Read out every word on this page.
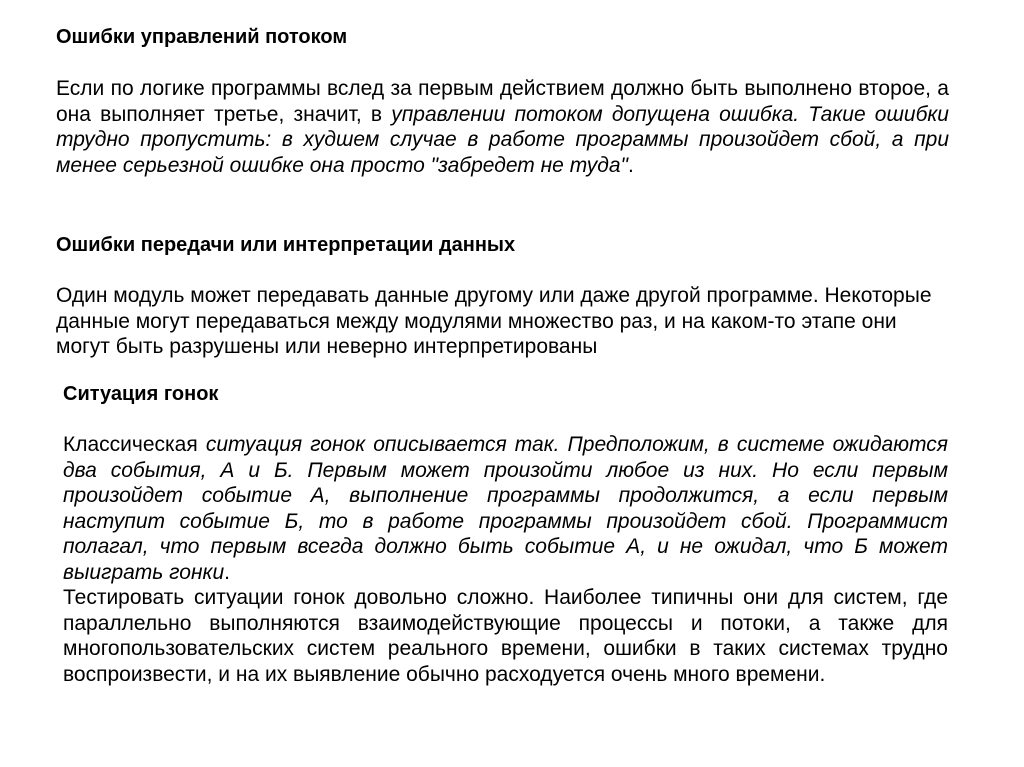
Ошибки управлений потоком

Если по логике программы вслед за первым действием должно быть выполнено второе, а она выполняет третье, значит, в управлении потоком допущена ошибка. Такие ошибки трудно пропустить: в худшем случае в работе программы произойдет сбой, а при менее серьезной ошибке она просто "забредет не туда".

Ошибки передачи или интерпретации данных

Один модуль может передавать данные другому или даже другой программе. Некоторые данные могут передаваться между модулями множество раз, и на каком-то этапе они могут быть разрушены или неверно интерпретированы

Ситуация гонок

Классическая ситуация гонок описывается так. Предположим, в системе ожидаются два события, А и Б. Первым может произойти любое из них. Но если первым произойдет событие А, выполнение программы продолжится, а если первым наступит событие Б, то в работе программы произойдет сбой. Программист полагал, что первым всегда должно быть событие А, и не ожидал, что Б может выиграть гонки.

Тестировать ситуации гонок довольно сложно. Наиболее типичны они для систем, где параллельно выполняются взаимодействующие процессы и потоки, а также для многопользовательских систем реального времени, ошибки в таких системах трудно воспроизвести, и на их выявление обычно расходуется очень много времени.
